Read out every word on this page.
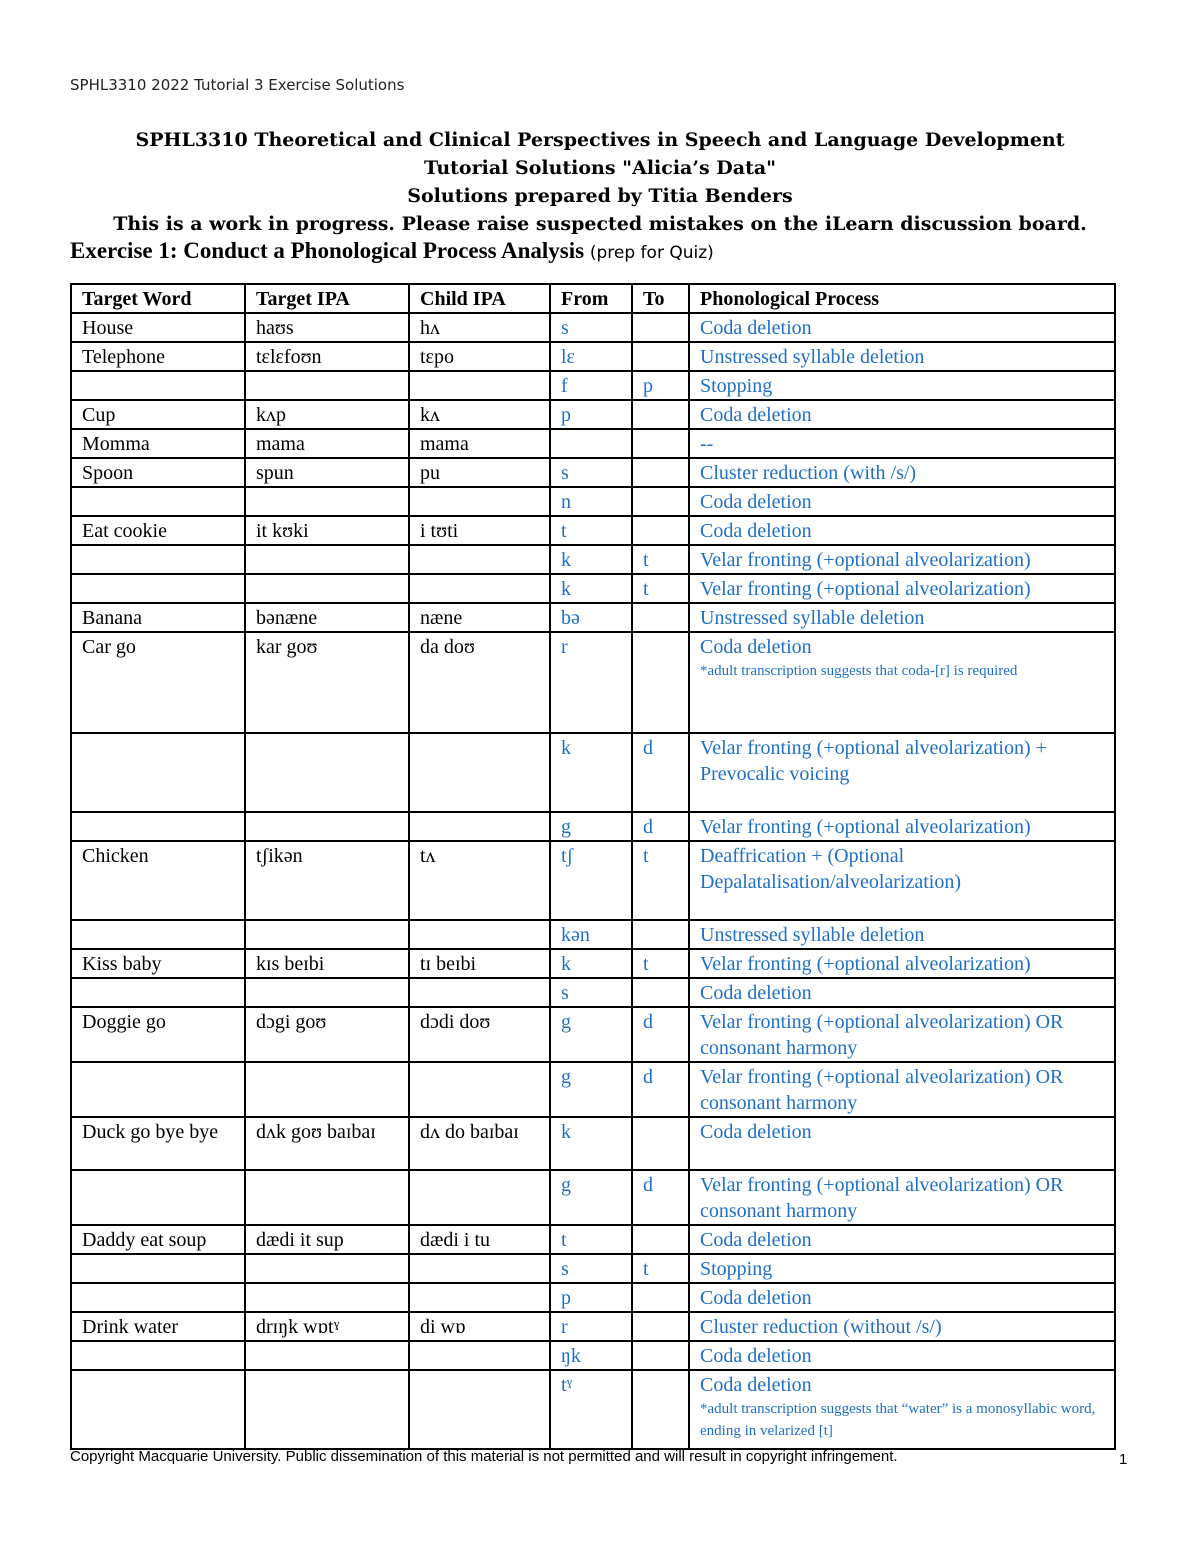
SPHL3310 2022 Tutorial 3 Exercise Solutions
SPHL3310 Theoretical and Clinical Perspectives in Speech and Language Development
Tutorial Solutions "Alicia’s Data"
Solutions prepared by Titia Benders
This is a work in progress. Please raise suspected mistakes on the iLearn discussion board.
Exercise 1: Conduct a Phonological Process Analysis (prep for Quiz)
Target Word	Target IPA	Child IPA	From	To	Phonological Process
House	haʊs	hʌ	s		Coda deletion

Telephone	tɛlɛfoʊn	tɛpo	lɛ		Unstressed syllable deletion

			f	p	Stopping

Cup	kʌp	kʌ	p		Coda deletion

Momma	mama	mama			--

Spoon	spun	pu	s		Cluster reduction (with /s/)

			n		Coda deletion

Eat cookie	it kʊki	i tʊti	t		Coda deletion

			k	t	Velar fronting (+optional alveolarization)

			k	t	Velar fronting (+optional alveolarization)

Banana	bənæne	næne	bə		Unstressed syllable deletion

Car go	kar goʊ	da doʊ	r		Coda deletion
*adult transcription suggests that coda-[r] is required

			k	d	Velar fronting (+optional alveolarization) + Prevocalic voicing

			g	d	Velar fronting (+optional alveolarization)

Chicken	tʃikən	tʌ	tʃ	t	Deaffrication + (Optional Depalatalisation/alveolarization)

			kən		Unstressed syllable deletion

Kiss baby	kɪs beɪbi	tɪ beɪbi	k	t	Velar fronting (+optional alveolarization)

			s		Coda deletion

Doggie go	dɔgi goʊ	dɔdi doʊ	g	d	Velar fronting (+optional alveolarization) OR consonant harmony

			g	d	Velar fronting (+optional alveolarization) OR consonant harmony

Duck go bye bye	dʌk goʊ baɪbaɪ	dʌ do baɪbaɪ	k		Coda deletion

			g	d	Velar fronting (+optional alveolarization) OR consonant harmony

Daddy eat soup	dædi it sup	dædi i tu	t		Coda deletion

			s	t	Stopping

			p		Coda deletion

Drink water	drɪŋk wɒtˠ	di wɒ	r		Cluster reduction (without /s/)

			ŋk		Coda deletion

			tˠ		Coda deletion
*adult transcription suggests that “water” is a monosyllabic word, ending in velarized [t]
Copyright Macquarie University. Public dissemination of this material is not permitted and will result in copyright infringement.	1
